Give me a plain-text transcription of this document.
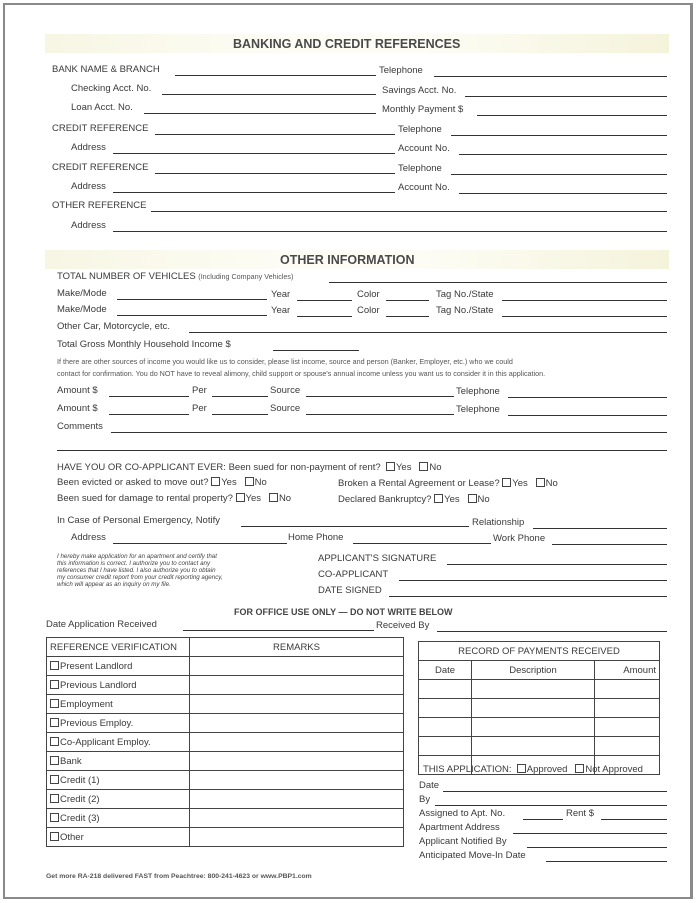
BANKING AND CREDIT REFERENCES
BANK NAME & BRANCH	Telephone
Checking Acct. No.	Savings Acct. No.
Loan Acct. No.	Monthly Payment $
CREDIT REFERENCE	Telephone
Address	Account No.
CREDIT REFERENCE	Telephone
Address	Account No.
OTHER REFERENCE
Address
OTHER INFORMATION
TOTAL NUMBER OF VEHICLES (Including Company Vehicles)
Make/Mode	Year	Color	Tag No./State
Make/Mode	Year	Color	Tag No./State
Other Car, Motorcycle, etc.
Total Gross Monthly Household Income $
If there are other sources of income you would like us to consider, please list income, source and person (Banker, Employer, etc.) who we could
contact for confirmation. You do NOT have to reveal alimony, child support or spouse's annual income unless you want us to consider it in this application.
Amount $	Per	Source	Telephone
Amount $	Per	Source	Telephone
Comments
HAVE YOU OR CO-APPLICANT EVER: Been sued for non-payment of rent? Yes No
Been evicted or asked to move out? Yes No	Broken a Rental Agreement or Lease? Yes No
Been sued for damage to rental property? Yes No	Declared Bankruptcy? Yes No
In Case of Personal Emergency, Notify	Relationship
Address	Home Phone	Work Phone
I hereby make application for an apartment and certify that
this information is correct. I authorize you to contact any
references that I have listed. I also authorize you to obtain
my consumer credit report from your credit reporting agency,
which will appear as an inquiry on my file.
APPLICANT'S SIGNATURE
CO-APPLICANT
DATE SIGNED
FOR OFFICE USE ONLY — DO NOT WRITE BELOW
Date Application Received	Received By
REFERENCE VERIFICATION	REMARKS
Present Landlord	
Previous Landlord	
Employment	
Previous Employ.	
Co-Applicant Employ.	
Bank	
Credit (1)	
Credit (2)	
Credit (3)	
Other	
RECORD OF PAYMENTS RECEIVED		
Date	Description	Amount

THIS APPLICATION: Approved Not Approved
Date
By
Assigned to Apt. No.	Rent $
Apartment Address
Applicant Notified By
Anticipated Move-In Date
Get more RA-218 delivered FAST from Peachtree: 800-241-4623 or www.PBP1.com
